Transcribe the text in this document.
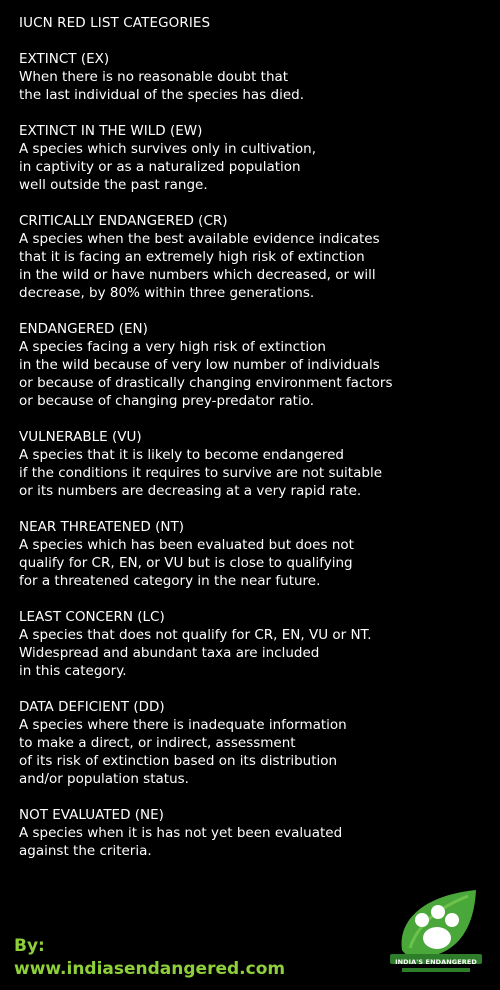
IUCN RED LIST CATEGORIES
EXTINCT (EX)
When there is no reasonable doubt that
the last individual of the species has died.
EXTINCT IN THE WILD (EW)
A species which survives only in cultivation,
in captivity or as a naturalized population
well outside the past range.
CRITICALLY ENDANGERED (CR)
A species when the best available evidence indicates
that it is facing an extremely high risk of extinction
in the wild or have numbers which decreased, or will
decrease, by 80% within three generations.
ENDANGERED (EN)
A species facing a very high risk of extinction
in the wild because of very low number of individuals
or because of drastically changing environment factors
or because of changing prey-predator ratio.
VULNERABLE (VU)
A species that it is likely to become endangered
if the conditions it requires to survive are not suitable
or its numbers are decreasing at a very rapid rate.
NEAR THREATENED (NT)
A species which has been evaluated but does not
qualify for CR, EN, or VU but is close to qualifying
for a threatened category in the near future.
LEAST CONCERN (LC)
A species that does not qualify for CR, EN, VU or NT.
Widespread and abundant taxa are included
in this category.
DATA DEFICIENT (DD)
A species where there is inadequate information
to make a direct, or indirect, assessment
of its risk of extinction based on its distribution
and/or population status.
NOT EVALUATED (NE)
A species when it is has not yet been evaluated
against the criteria.
By:
www.indiasendangered.com	INDIA'S ENDANGERED
